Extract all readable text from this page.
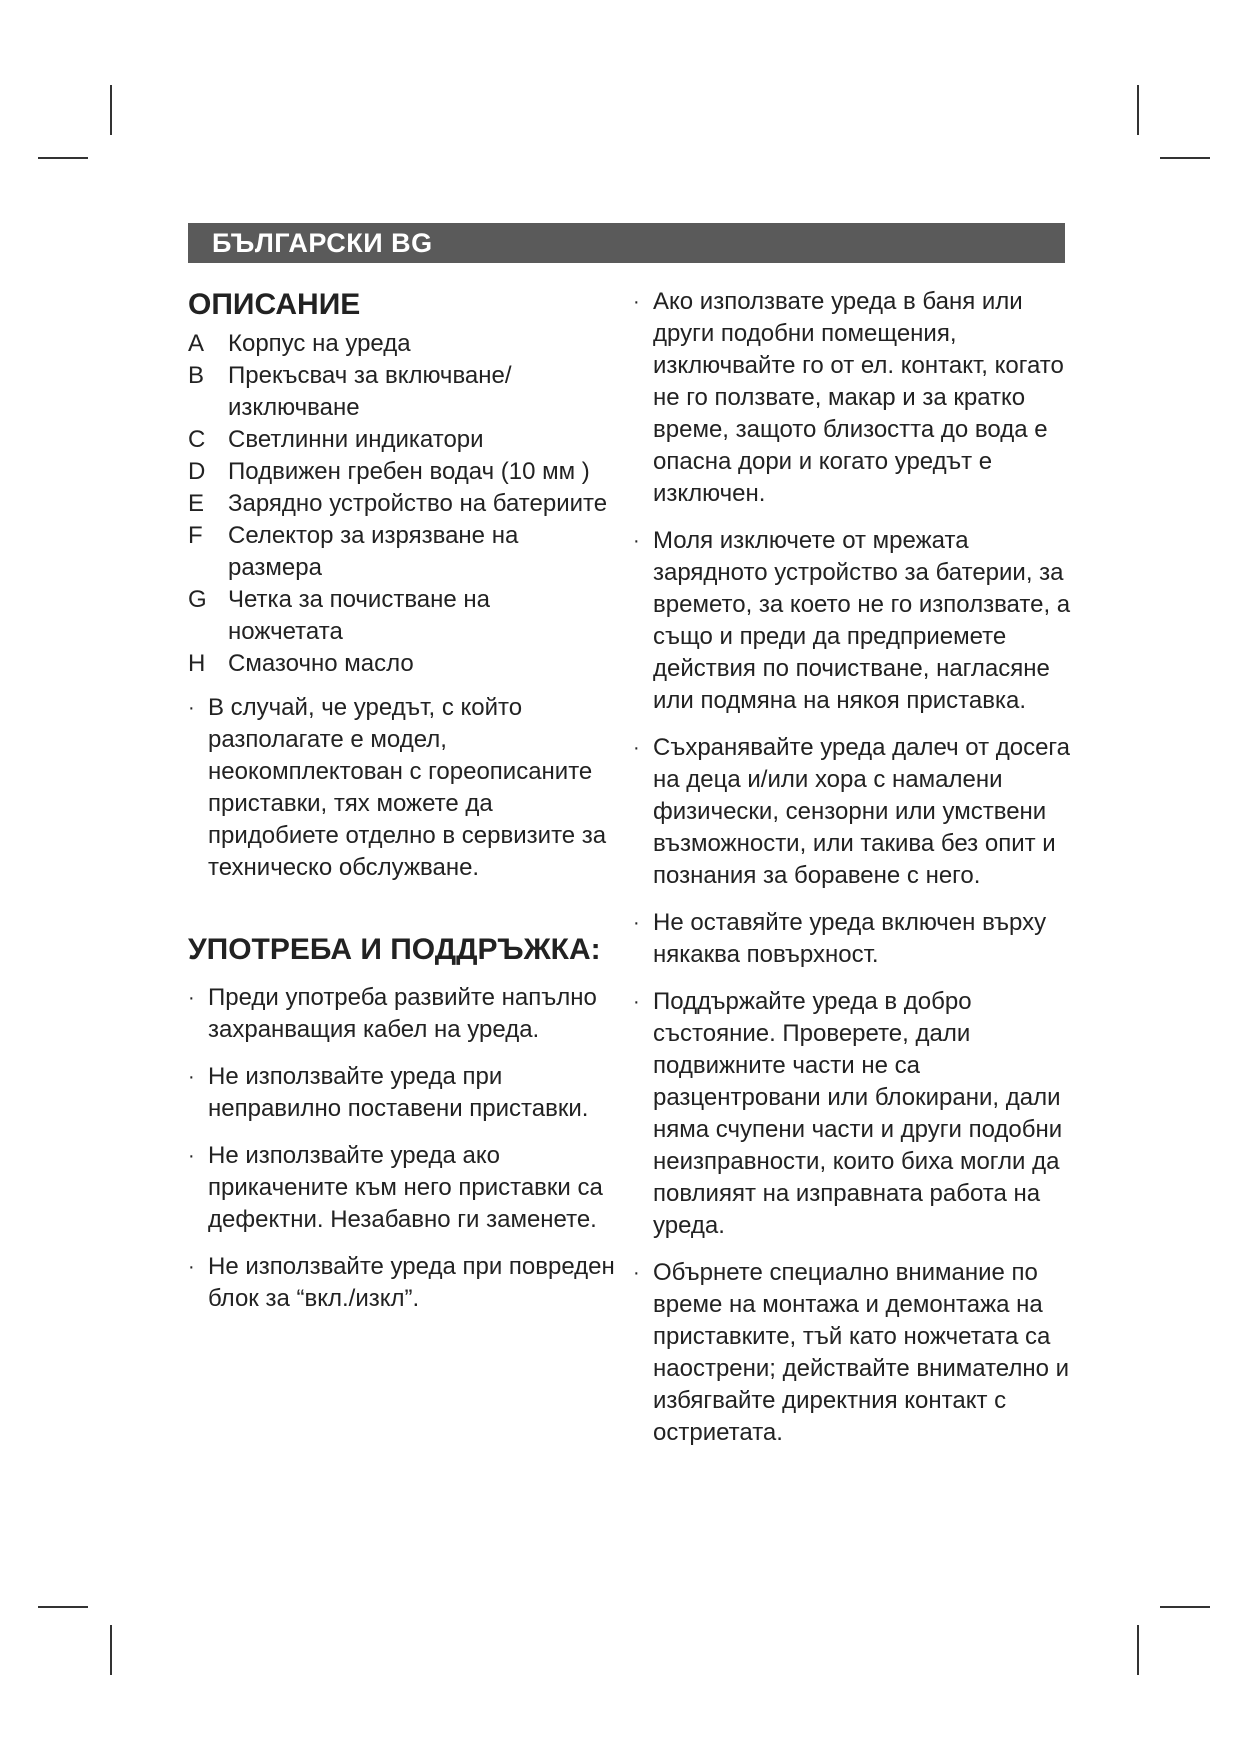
БЪЛГАРСКИ BG
ОПИСАНИЕ
A Корпус на уреда
B Прекъсвач за включване/ изключване
C Светлинни индикатори
D Подвижен гребен водач (10 мм )
E Зарядно устройство на батериите
F	Селектор за изрязване на размера
G Четка за почистване на ножчетата
H Смазочно масло
· В случай, че уредът, с който разполагате е модел, неокомплектован с гореописаните приставки, тях можете да придобиете отделно в сервизите за техническо обслужване.
УПОТРЕБА И ПОДДРЪЖКА:
· Преди употреба развийте напълно захранващия кабел на уреда.
· Не използвайте уреда при неправилно поставени приставки.
· Не използвайте уреда ако прикачените към него приставки са дефектни. Незабавно ги заменете.
· Не използвайте уреда при повреден блок за “вкл./изкл”.
· Ако използвате уреда в баня или други подобни помещения, изключвайте го от ел. контакт, когато не го ползвате, макар и за кратко време, защото близостта до вода е опасна дори и когато уредът е изключен.
· Моля изключете от мрежата зарядното устройство за батерии, за времето, за което не го използвате, а също и преди да предприемете действия по почистване, нагласяне или подмяна на някоя приставка.
· Съхранявайте уреда далеч от досега на деца и/или хора с намалени физически, сензорни или умствени възможности, или такива без опит и познания за боравене с него.
· Не оставяйте уреда включен върху някаква повърхност.
· Поддържайте уреда в добро състояние. Проверете, дали подвижните части не са разцентровани или блокирани, дали няма счупени части и други подобни неизправности, които биха могли да повлияят на изправната работа на уреда.
· Обърнете специално внимание по време на монтажа и демонтажа на приставките, тъй като ножчетата са наострени; действайте внимателно и избягвайте директния контакт с остриетата.
